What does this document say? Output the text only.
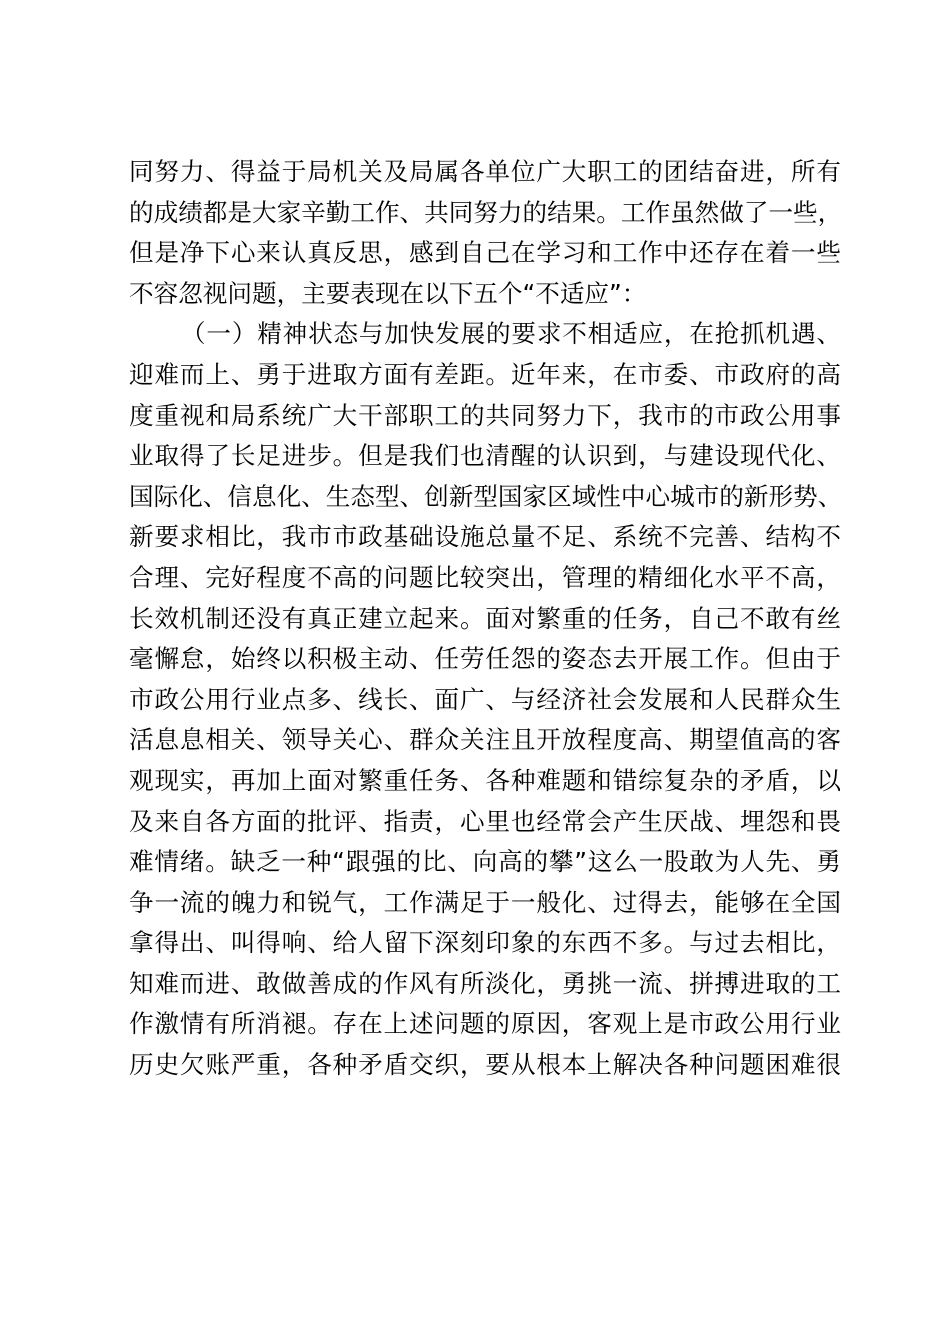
同努力、得益于局机关及局属各单位广大职工的团结奋进，所有
的成绩都是大家辛勤工作、共同努力的结果。工作虽然做了一些，
但是净下心来认真反思，感到自己在学习和工作中还存在着一些
不容忽视问题，主要表现在以下五个“不适应”：
（一）精神状态与加快发展的要求不相适应，在抢抓机遇、
迎难而上、勇于进取方面有差距。近年来，在市委、市政府的高
度重视和局系统广大干部职工的共同努力下，我市的市政公用事
业取得了长足进步。但是我们也清醒的认识到，与建设现代化、
国际化、信息化、生态型、创新型国家区域性中心城市的新形势、
新要求相比，我市市政基础设施总量不足、系统不完善、结构不
合理、完好程度不高的问题比较突出，管理的精细化水平不高，
长效机制还没有真正建立起来。面对繁重的任务，自己不敢有丝
毫懈怠，始终以积极主动、任劳任怨的姿态去开展工作。但由于
市政公用行业点多、线长、面广、与经济社会发展和人民群众生
活息息相关、领导关心、群众关注且开放程度高、期望值高的客
观现实，再加上面对繁重任务、各种难题和错综复杂的矛盾，以
及来自各方面的批评、指责，心里也经常会产生厌战、埋怨和畏
难情绪。缺乏一种“跟强的比、向高的攀”这么一股敢为人先、勇
争一流的魄力和锐气，工作满足于一般化、过得去，能够在全国
拿得出、叫得响、给人留下深刻印象的东西不多。与过去相比，
知难而进、敢做善成的作风有所淡化，勇挑一流、拼搏进取的工
作激情有所消褪。存在上述问题的原因，客观上是市政公用行业
历史欠账严重，各种矛盾交织，要从根本上解决各种问题困难很
